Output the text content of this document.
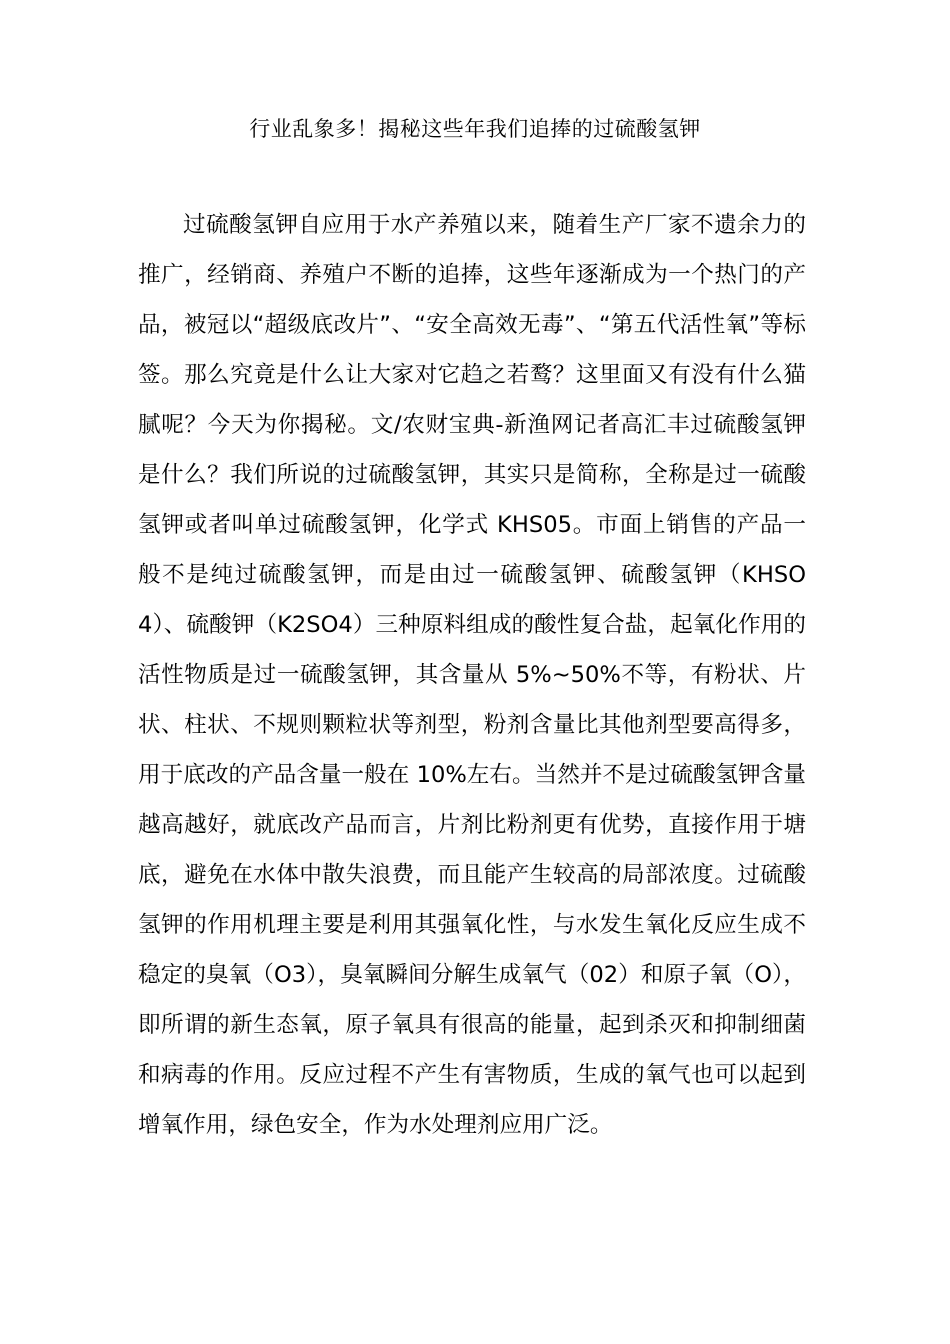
行业乱象多！揭秘这些年我们追捧的过硫酸氢钾

过硫酸氢钾自应用于水产养殖以来，随着生产厂家不遗余力的推广，经销商、养殖户不断的追捧，这些年逐渐成为一个热门的产品，被冠以“超级底改片”、“安全高效无毒”、“第五代活性氧”等标签。那么究竟是什么让大家对它趋之若鹜？这里面又有没有什么猫腻呢？今天为你揭秘。文/农财宝典-新渔网记者高汇丰过硫酸氢钾是什么？我们所说的过硫酸氢钾，其实只是简称，全称是过一硫酸氢钾或者叫单过硫酸氢钾，化学式 KHS05。市面上销售的产品一般不是纯过硫酸氢钾，而是由过一硫酸氢钾、硫酸氢钾（KHSO4）、硫酸钾（K2SO4）三种原料组成的酸性复合盐，起氧化作用的活性物质是过一硫酸氢钾，其含量从 5%~50%不等，有粉状、片状、柱状、不规则颗粒状等剂型，粉剂含量比其他剂型要高得多，用于底改的产品含量一般在 10%左右。当然并不是过硫酸氢钾含量越高越好，就底改产品而言，片剂比粉剂更有优势，直接作用于塘底，避免在水体中散失浪费，而且能产生较高的局部浓度。过硫酸氢钾的作用机理主要是利用其强氧化性，与水发生氧化反应生成不稳定的臭氧（O3），臭氧瞬间分解生成氧气（02）和原子氧（O），即所谓的新生态氧，原子氧具有很高的能量，起到杀灭和抑制细菌和病毒的作用。反应过程不产生有害物质，生成的氧气也可以起到增氧作用，绿色安全，作为水处理剂应用广泛。
